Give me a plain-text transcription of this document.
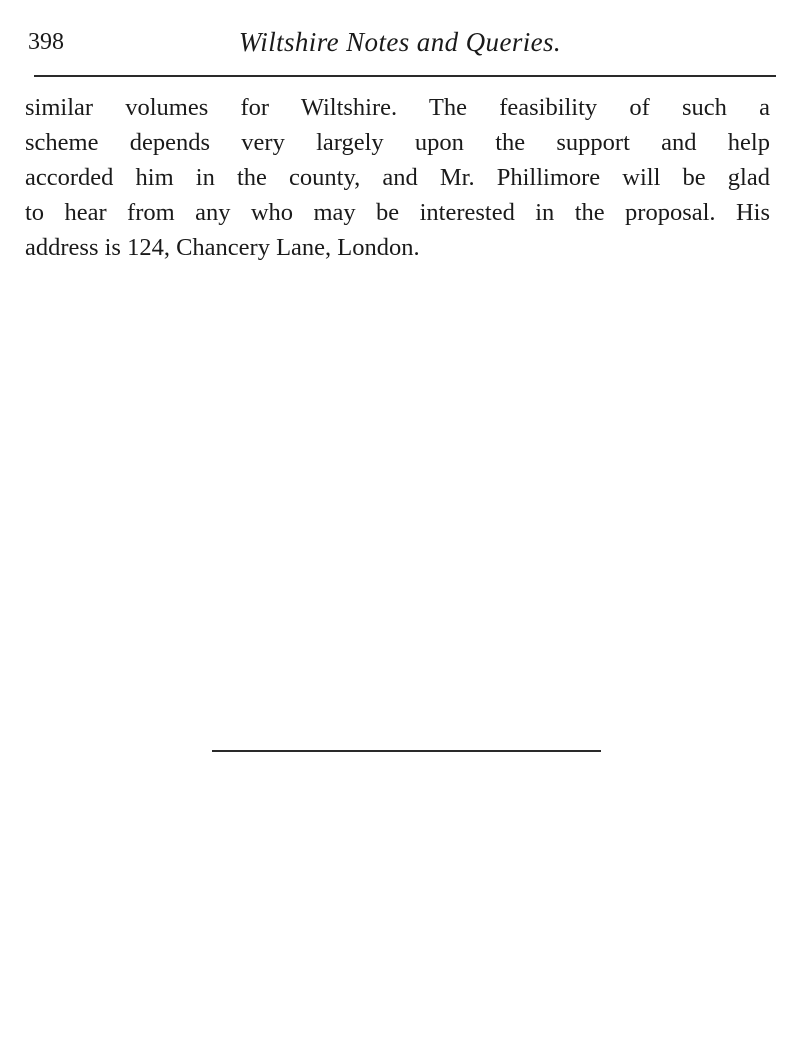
398	Wiltshire Notes and Queries.
similar volumes for Wiltshire. The feasibility of such a
scheme depends very largely upon the support and help
accorded him in the county, and Mr. Phillimore will be glad
to hear from any who may be interested in the proposal. His
address is 124, Chancery Lane, London.
